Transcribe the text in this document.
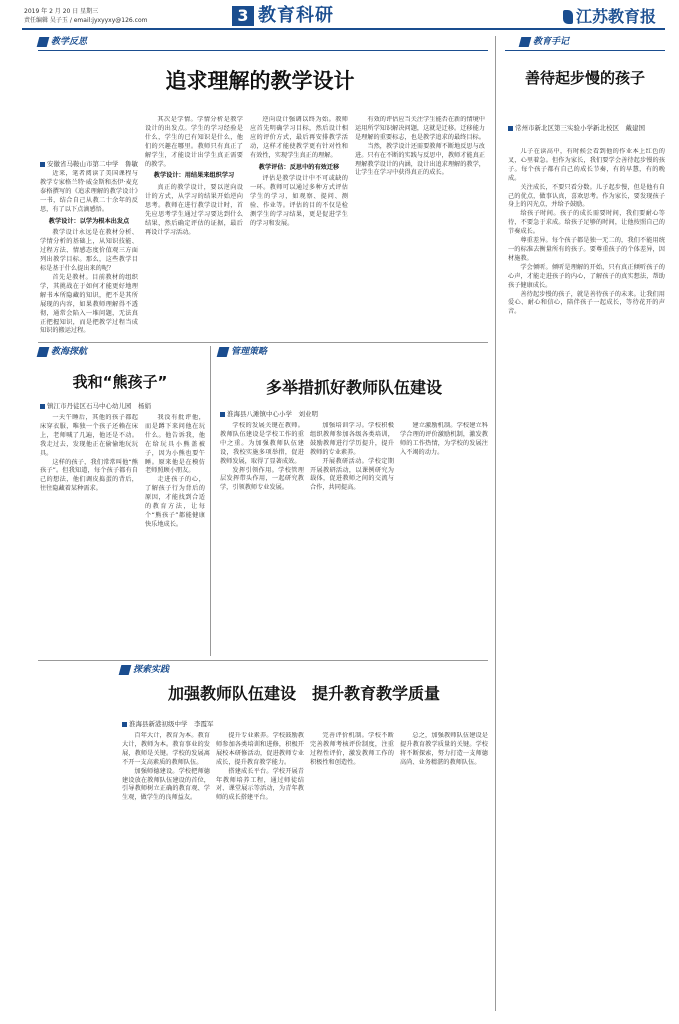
2019 年 2 月 20 日 星期三
责任编辑 吴子玉 / email:jyxyyxy@126.com	3 教育科研	江苏教育报
教学反思
追求理解的教学设计
安徽省马鞍山市第二中学　鲁敏

近来，笔者阅读了美国课程与教学专家格兰特·威金斯和杰伊·麦克泰格撰写的《追求理解的教学设计》一书，结合自己从教二十余年的反思，有了以下点滴感悟。

教学设计：以学为根本出发点

教学设计永远是在教材分析、学情分析的基础上，从知识技能、过程方法、情感态度价值观三方面列出教学目标。那么，这些教学目标是基于什么提出来的呢？

首先是教材。目前教材的组织学，其挑战在于如何才能更好地理解书本所隐藏的知识，把不是其所展现的内容，如果教师理解得不透彻，通常会陷入一堆问题，无法真正把握知识，而是把教学过程当成知识的搬运过程。

其次是学情。学情分析是教学设计的出发点。学生的学习经验是什么，学生的已有知识是什么，他们的兴趣在哪里。教师只有真正了解学生，才能设计出学生真正需要的教学。

教学设计：用结果来组织学习

真正的教学设计，要以逆向设计的方式，从学习的结果开始逆向思考。教师在进行教学设计时，首先应思考学生通过学习要达到什么结果，然后确定评估的证据，最后再设计学习活动。

逆向设计强调以终为始。教师应首先明确学习目标，然后设计相应的评价方式，最后再安排教学活动，这样才能使教学更有针对性和有效性，实现学生真正的理解。

教学评估：反思中的有效迁移

评估是教学设计中不可或缺的一环。教师可以通过多种方式评估学生的学习，如观察、提问、测验、作业等。评估的目的不仅是检测学生的学习结果，更是促进学生的学习和发展。

有效的评估应当关注学生能否在新的情境中运用所学知识解决问题，这就是迁移。迁移能力是理解的重要标志，也是教学追求的最终目标。

当然，教学设计还需要教师不断地反思与改进。只有在不断的实践与反思中，教师才能真正理解教学设计的内涵，设计出追求理解的教学，让学生在学习中获得真正的成长。

教育手记
善待起步慢的孩子
常州市新北区第三实验小学新北校区　戴建国

儿子在读高中，有时候会看到他的作业本上红色的叉，心里着急。但作为家长，我们要学会善待起步慢的孩子。每个孩子都有自己的成长节奏，有的早慧，有的晚成。

关注成长，不要只看分数。儿子起步慢，但是他有自己的优点，做事认真，喜欢思考。作为家长，要发现孩子身上的闪光点，并给予鼓励。

给孩子时间。孩子的成长需要时间，我们要耐心等待，不要急于求成。给孩子足够的时间，让他按照自己的节奏成长。

尊重差异。每个孩子都是独一无二的，我们不能用统一的标准去衡量所有的孩子。要尊重孩子的个体差异，因材施教。

学会倾听。倾听是理解的开始，只有真正倾听孩子的心声，才能走进孩子的内心，了解孩子的真实想法，帮助孩子健康成长。

善待起步慢的孩子，就是善待孩子的未来。让我们用爱心、耐心和信心，陪伴孩子一起成长，等待花开的声音。

教海探航
我和“熊孩子”
镇江市丹徒区石马中心幼儿园　杨娟

一天午睡后，其他的孩子都起床穿衣服，唯独一个孩子还赖在床上，老师喊了几遍，他还是不动。我走过去，发现他正在偷偷地玩玩具。

这样的孩子，我们常常叫他“熊孩子”。但我知道，每个孩子都有自己的想法，他们调皮捣蛋的背后，往往隐藏着某种需求。

我没有批评他，而是蹲下来问他在玩什么。他告诉我，他在给玩具小熊盖被子，因为小熊也要午睡。原来他是在模仿老师照顾小朋友。

走进孩子的心，了解孩子行为背后的原因，才能找到合适的教育方法，让每个“熊孩子”都能健康快乐地成长。

管理策略
多举措抓好教师队伍建设
淮海县八滩镇中心小学　刘业明

学校的发展关键在教师。教师队伍建设是学校工作的重中之重。为加强教师队伍建设，我校实施多项举措，促进教师发展，取得了显著成效。

发挥引领作用。学校管理层发挥带头作用，一起研究教学，引领教师专业发展。

加强培训学习。学校积极组织教师参加各级各类培训，鼓励教师进行学历提升，提升教师的专业素养。

开展教研活动。学校定期开展教研活动，以课例研究为载体，促进教师之间的交流与合作，共同提高。

建立激励机制。学校建立科学合理的评价激励机制，激发教师的工作热情，为学校的发展注入不竭的动力。

探索实践
加强教师队伍建设　提升教育教学质量
淮海县新港初级中学　李霞军

百年大计，教育为本。教育大计，教师为本。教育事业的发展，教师是关键。学校的发展离不开一支高素质的教师队伍。

加强师德建设。学校把师德建设放在教师队伍建设的首位，引导教师树立正确的教育观、学生观，做学生的良师益友。

提升专业素养。学校鼓励教师参加各类培训和进修，积极开展校本研修活动，促进教师专业成长，提升教育教学能力。

搭建成长平台。学校开展青年教师培养工程，通过师徒结对、课堂展示等活动，为青年教师的成长搭建平台。

完善评价机制。学校不断完善教师考核评价制度，注重过程性评价，激发教师工作的积极性和创造性。

总之，加强教师队伍建设是提升教育教学质量的关键。学校将不断探索，努力打造一支师德高尚、业务精湛的教师队伍。
